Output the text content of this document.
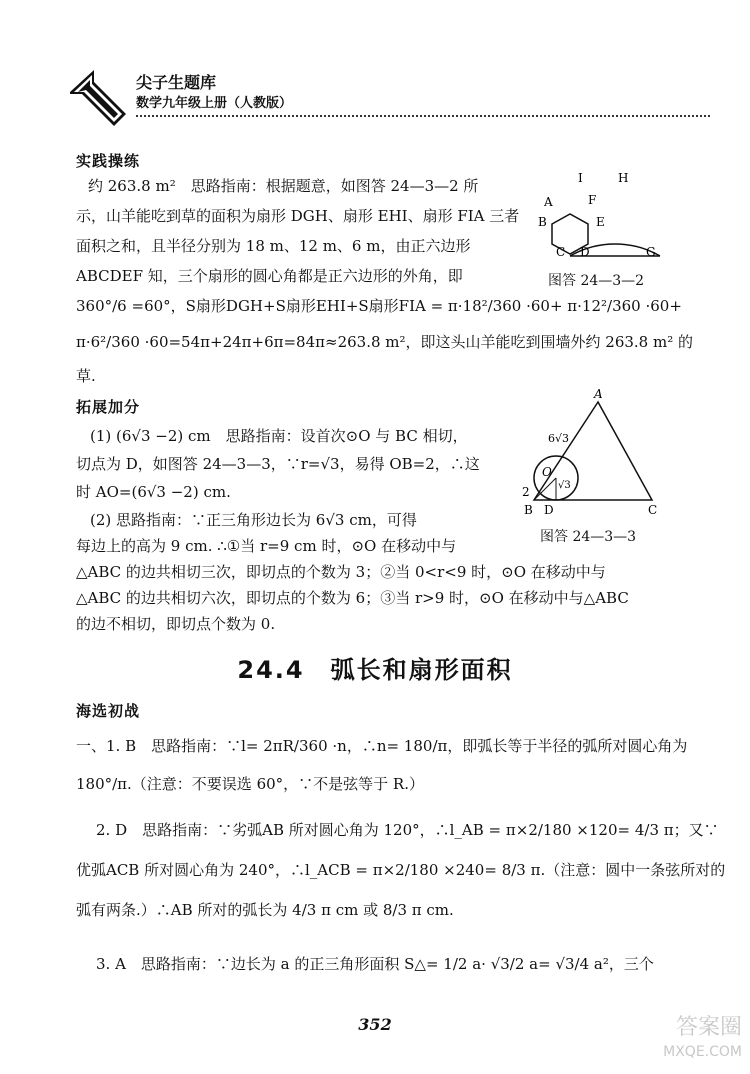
尖子生题库
数学九年级上册（人教版）
实践操练
约 263.8 m²　思路指南：根据题意，如图答 24—3—2 所
示，山羊能吃到草的面积为扇形 DGH、扇形 EHI、扇形 FIA 三者
面积之和，且半径分别为 18 m、12 m、6 m，由正六边形
ABCDEF 知，三个扇形的圆心角都是正六边形的外角，即
360°/6 =60°，S扇形DGH+S扇形EHI+S扇形FIA = π·18²/360 ·60+ π·12²/360 ·60+
π·6²/360 ·60=54π+24π+6π=84π≈263.8 m²，即这头山羊能吃到围墙外约 263.8 m² 的
草.
I	H
F
A
B	E
C D	G
图答 24—3—2
拓展加分
(1) (6√3 −2) cm　思路指南：设首次⊙O 与 BC 相切，
切点为 D，如图答 24—3—3，∵r=√3，易得 OB=2，∴这
时 AO=(6√3 −2) cm.
(2) 思路指南：∵正三角形边长为 6√3 cm，可得
每边上的高为 9 cm. ∴①当 r=9 cm 时，⊙O 在移动中与
△ABC 的边共相切三次，即切点的个数为 3；②当 0<r<9 时，⊙O 在移动中与
△ABC 的边共相切六次，即切点的个数为 6；③当 r>9 时，⊙O 在移动中与△ABC
的边不相切，即切点个数为 0.
A
6√3
O
√3
2
B D	C
图答 24—3—3
24.4　弧长和扇形面积
海选初战
一、1. B　思路指南：∵l= 2πR/360 ·n，∴n= 180/π，即弧长等于半径的弧所对圆心角为
180°/π.（注意：不要误选 60°，∵不是弦等于 R.）
2. D　思路指南：∵劣弧AB 所对圆心角为 120°，∴l_AB = π×2/180 ×120= 4/3 π；又∵
优弧ACB 所对圆心角为 240°，∴l_ACB = π×2/180 ×240= 8/3 π.（注意：圆中一条弦所对的
弧有两条.）∴AB 所对的弧长为 4/3 π cm 或 8/3 π cm.
3. A　思路指南：∵边长为 a 的正三角形面积 S△= 1/2 a· √3/2 a= √3/4 a²，三个
352	答案圈
MXQE.COM
